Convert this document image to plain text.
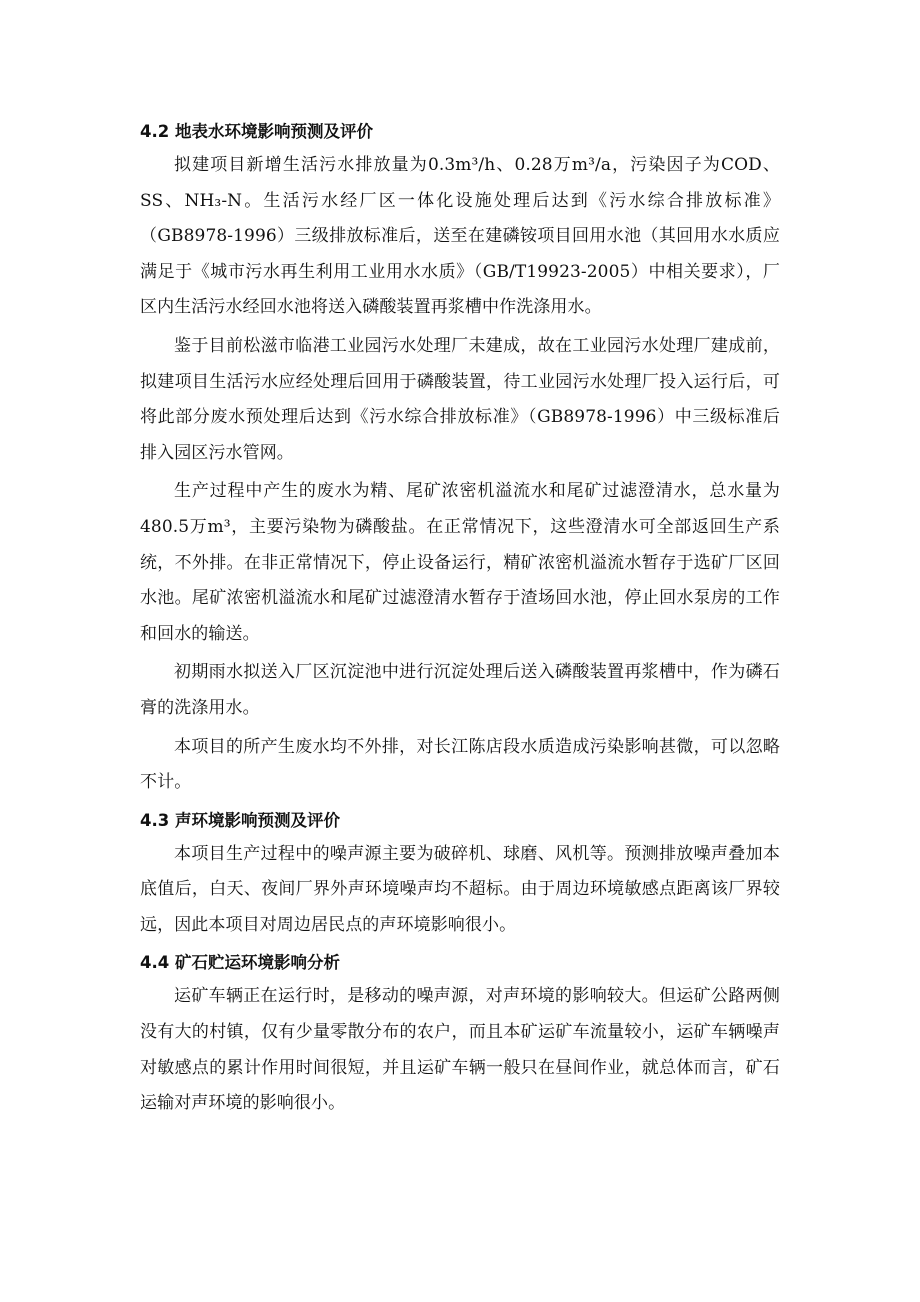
4.2 地表水环境影响预测及评价

拟建项目新增生活污水排放量为0.3m³/h、0.28万m³/a，污染因子为COD、SS、NH₃-N。生活污水经厂区一体化设施处理后达到《污水综合排放标准》（GB8978-1996）三级排放标准后，送至在建磷铵项目回用水池（其回用水水质应满足于《城市污水再生利用工业用水水质》（GB/T19923-2005）中相关要求），厂区内生活污水经回水池将送入磷酸装置再浆槽中作洗涤用水。

鉴于目前松滋市临港工业园污水处理厂未建成，故在工业园污水处理厂建成前，拟建项目生活污水应经处理后回用于磷酸装置，待工业园污水处理厂投入运行后，可将此部分废水预处理后达到《污水综合排放标准》（GB8978-1996）中三级标准后排入园区污水管网。

生产过程中产生的废水为精、尾矿浓密机溢流水和尾矿过滤澄清水，总水量为480.5万m³，主要污染物为磷酸盐。在正常情况下，这些澄清水可全部返回生产系统，不外排。在非正常情况下，停止设备运行，精矿浓密机溢流水暂存于选矿厂区回水池。尾矿浓密机溢流水和尾矿过滤澄清水暂存于渣场回水池，停止回水泵房的工作和回水的输送。

初期雨水拟送入厂区沉淀池中进行沉淀处理后送入磷酸装置再浆槽中，作为磷石膏的洗涤用水。

本项目的所产生废水均不外排，对长江陈店段水质造成污染影响甚微，可以忽略不计。

4.3 声环境影响预测及评价

本项目生产过程中的噪声源主要为破碎机、球磨、风机等。预测排放噪声叠加本底值后，白天、夜间厂界外声环境噪声均不超标。由于周边环境敏感点距离该厂界较远，因此本项目对周边居民点的声环境影响很小。

4.4 矿石贮运环境影响分析

运矿车辆正在运行时，是移动的噪声源，对声环境的影响较大。但运矿公路两侧没有大的村镇，仅有少量零散分布的农户，而且本矿运矿车流量较小，运矿车辆噪声对敏感点的累计作用时间很短，并且运矿车辆一般只在昼间作业，就总体而言，矿石运输对声环境的影响很小。
